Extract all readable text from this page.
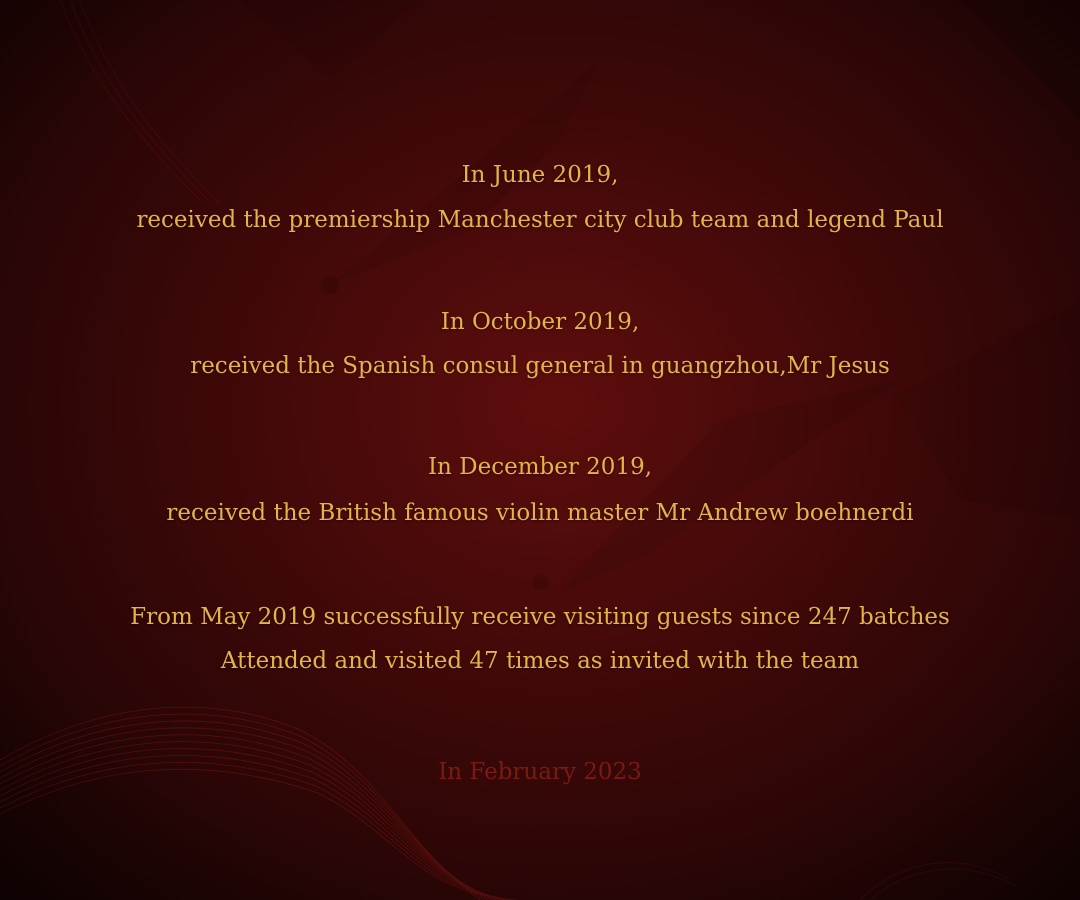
In June 2019,
received the premiership Manchester city club team and legend Paul
In October 2019,
received the Spanish consul general in guangzhou,Mr Jesus
In December 2019,
received the British famous violin master Mr Andrew boehnerdi
From May 2019 successfully receive visiting guests since 247 batches
Attended and visited 47 times as invited with the team
In February 2023
